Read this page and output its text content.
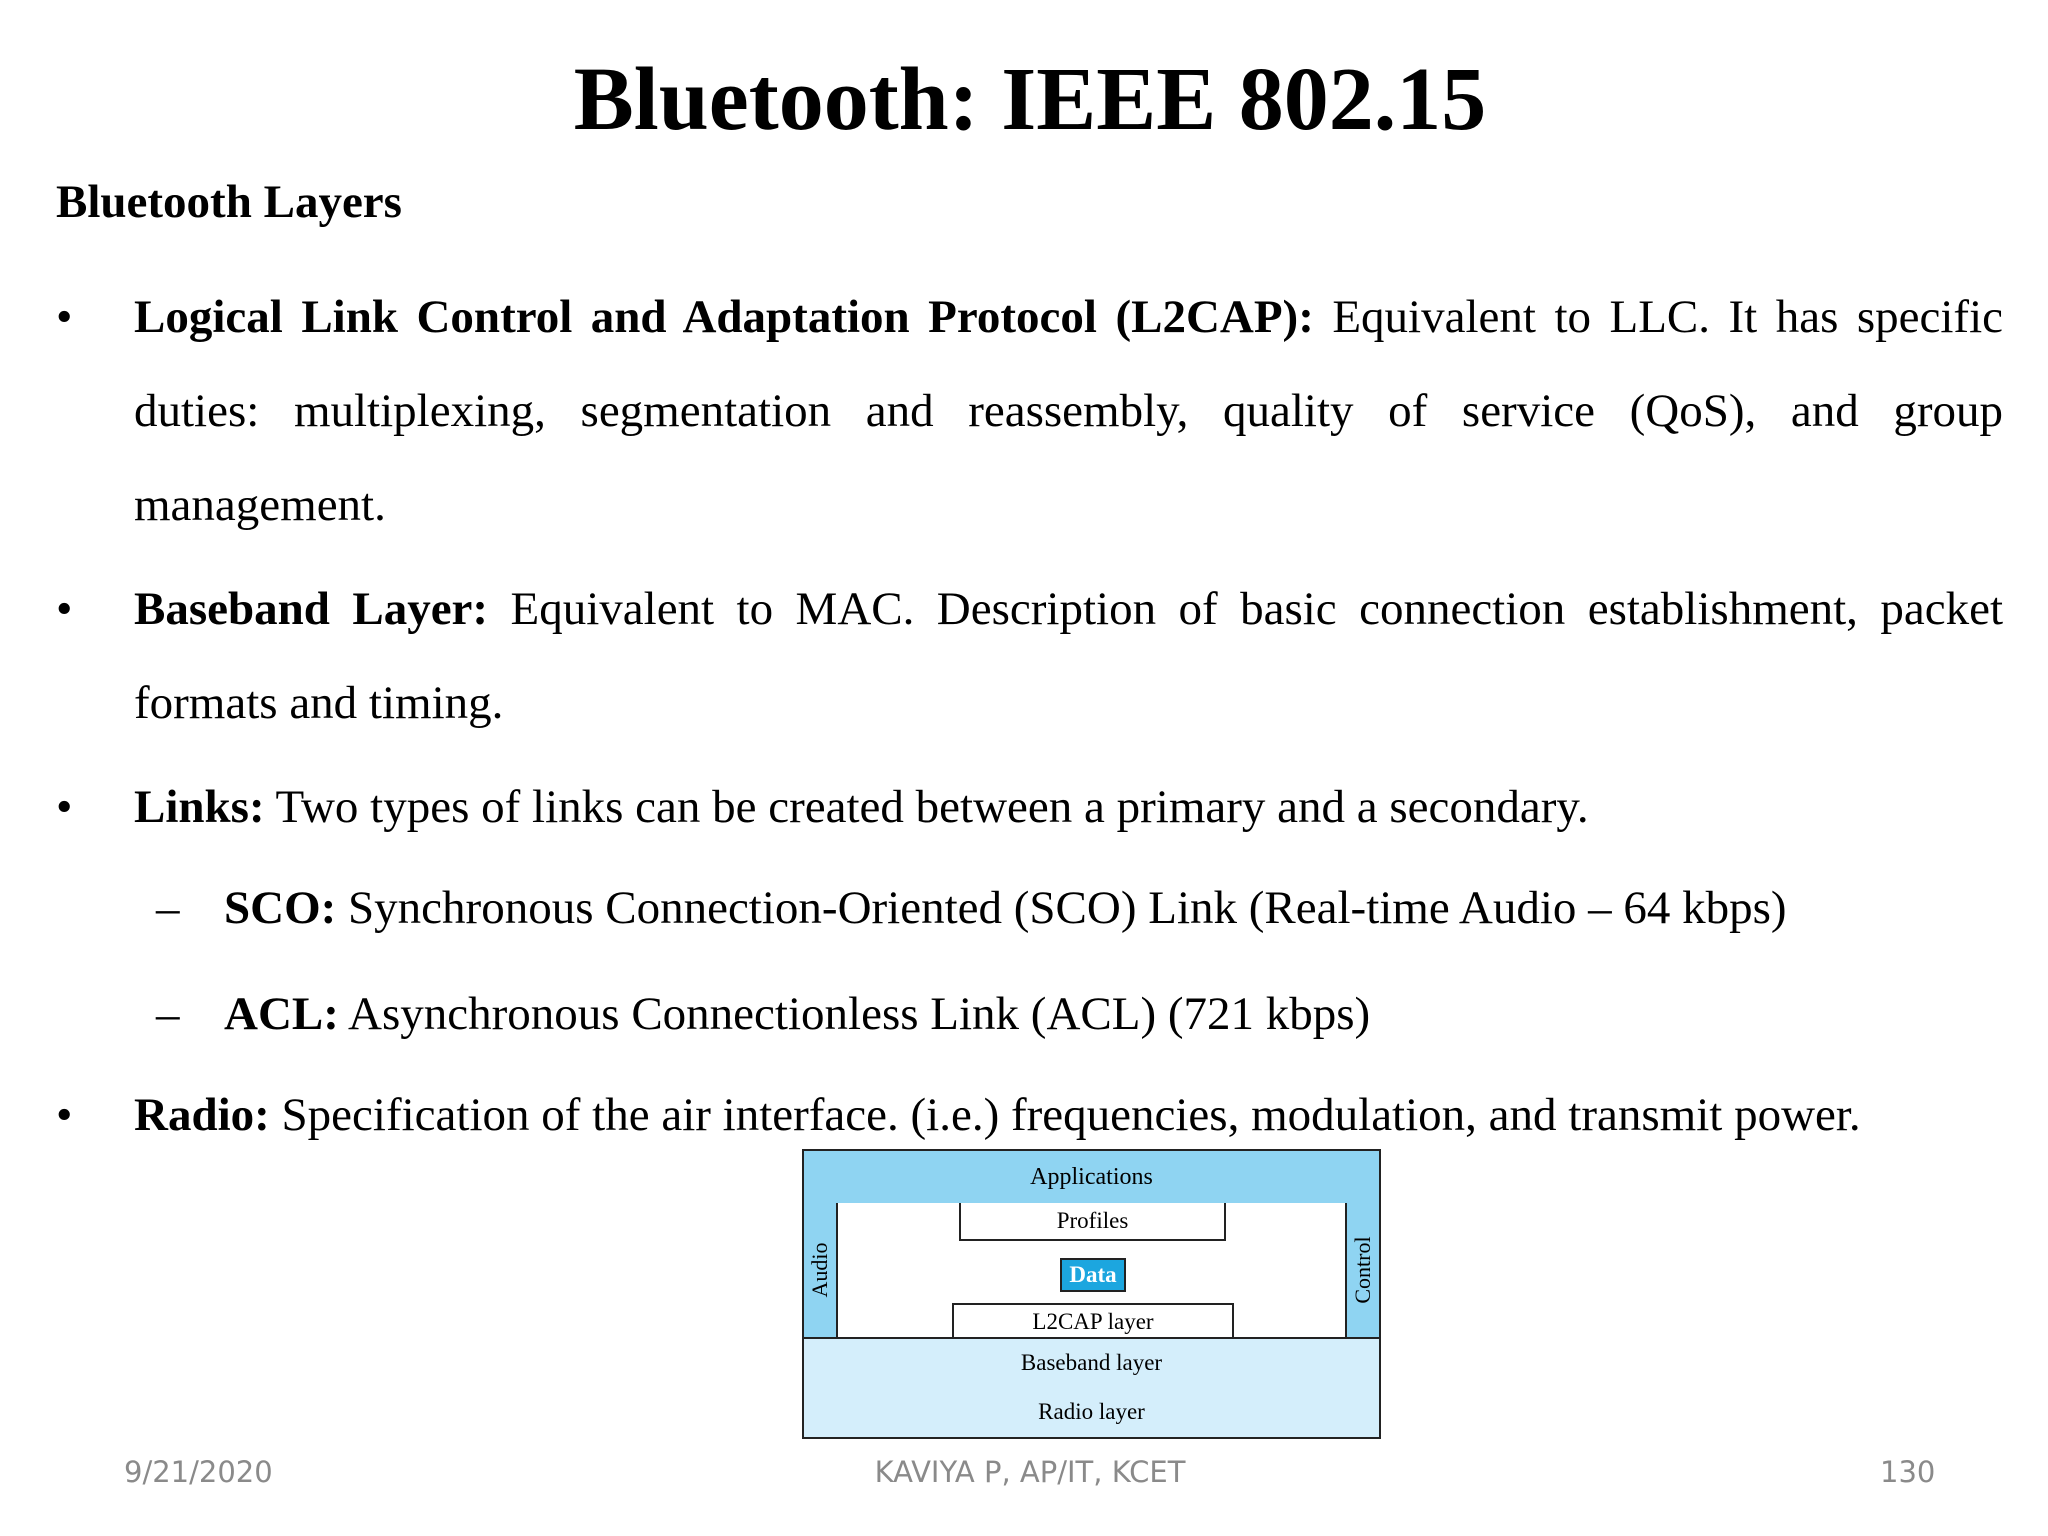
Bluetooth: IEEE 802.15
Bluetooth Layers
•	Logical Link Control and Adaptation Protocol (L2CAP): Equivalent to LLC. It has specific duties: multiplexing, segmentation and reassembly, quality of service (QoS), and group management.
•	Baseband Layer: Equivalent to MAC. Description of basic connection establishment, packet formats and timing.
•	Links: Two types of links can be created between a primary and a secondary.
– SCO: Synchronous Connection-Oriented (SCO) Link (Real-time Audio – 64 kbps)
– ACL: Asynchronous Connectionless Link (ACL) (721 kbps)
•	Radio: Specification of the air interface. (i.e.) frequencies, modulation, and transmit power.
Applications
Audio
Profiles
Data
L2CAP layer
Control
Baseband layer
Radio layer
9/21/2020	KAVIYA P, AP/IT, KCET	130
